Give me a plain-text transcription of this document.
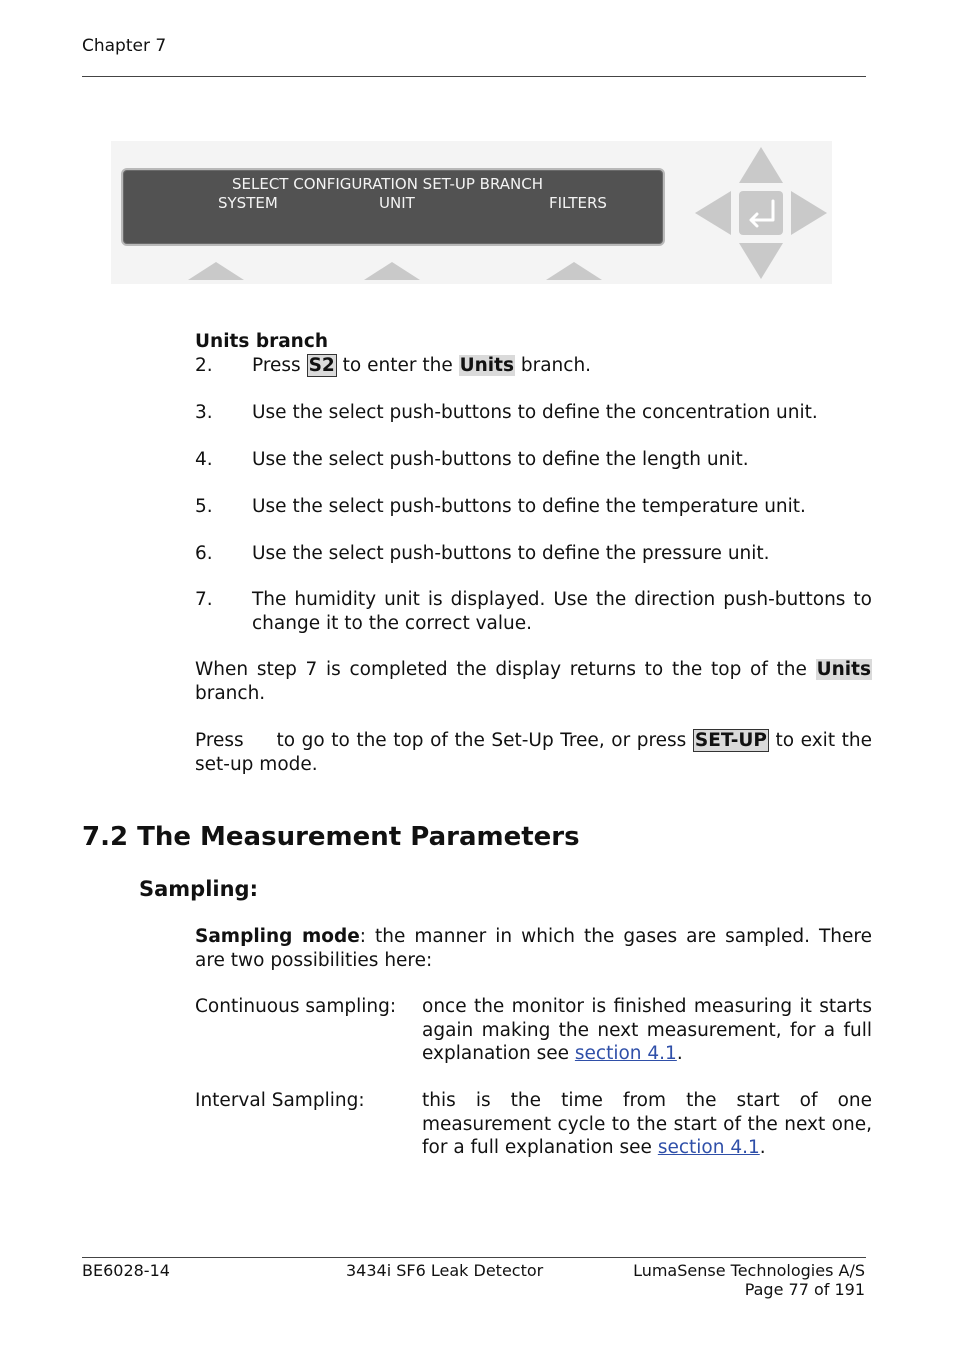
Chapter 7
SELECT CONFIGURATION SET-UP BRANCH
SYSTEM	UNIT	FILTERS
Units branch
2. Press S2 to enter the Units branch.
3. Use the select push-buttons to define the concentration unit.
4. Use the select push-buttons to define the length unit.
5. Use the select push-buttons to define the temperature unit.
6. Use the select push-buttons to define the pressure unit.
7. The humidity unit is displayed. Use the direction push-buttons to change it to the correct value.
When step 7 is completed the display returns to the top of the Units branch.
Press     to go to the top of the Set-Up Tree, or press SET-UP to exit the set-up mode.
7.2 The Measurement Parameters
Sampling:
Sampling mode: the manner in which the gases are sampled. There are two possibilities here:
Continuous sampling: once the monitor is finished measuring it starts again making the next measurement, for a full explanation see section 4.1.
Interval Sampling:	this is the time from the start of one measurement cycle to the start of the next one, for a full explanation see section 4.1.
BE6028-14	3434i SF6 Leak Detector	LumaSense Technologies A/S
Page 77 of 191
